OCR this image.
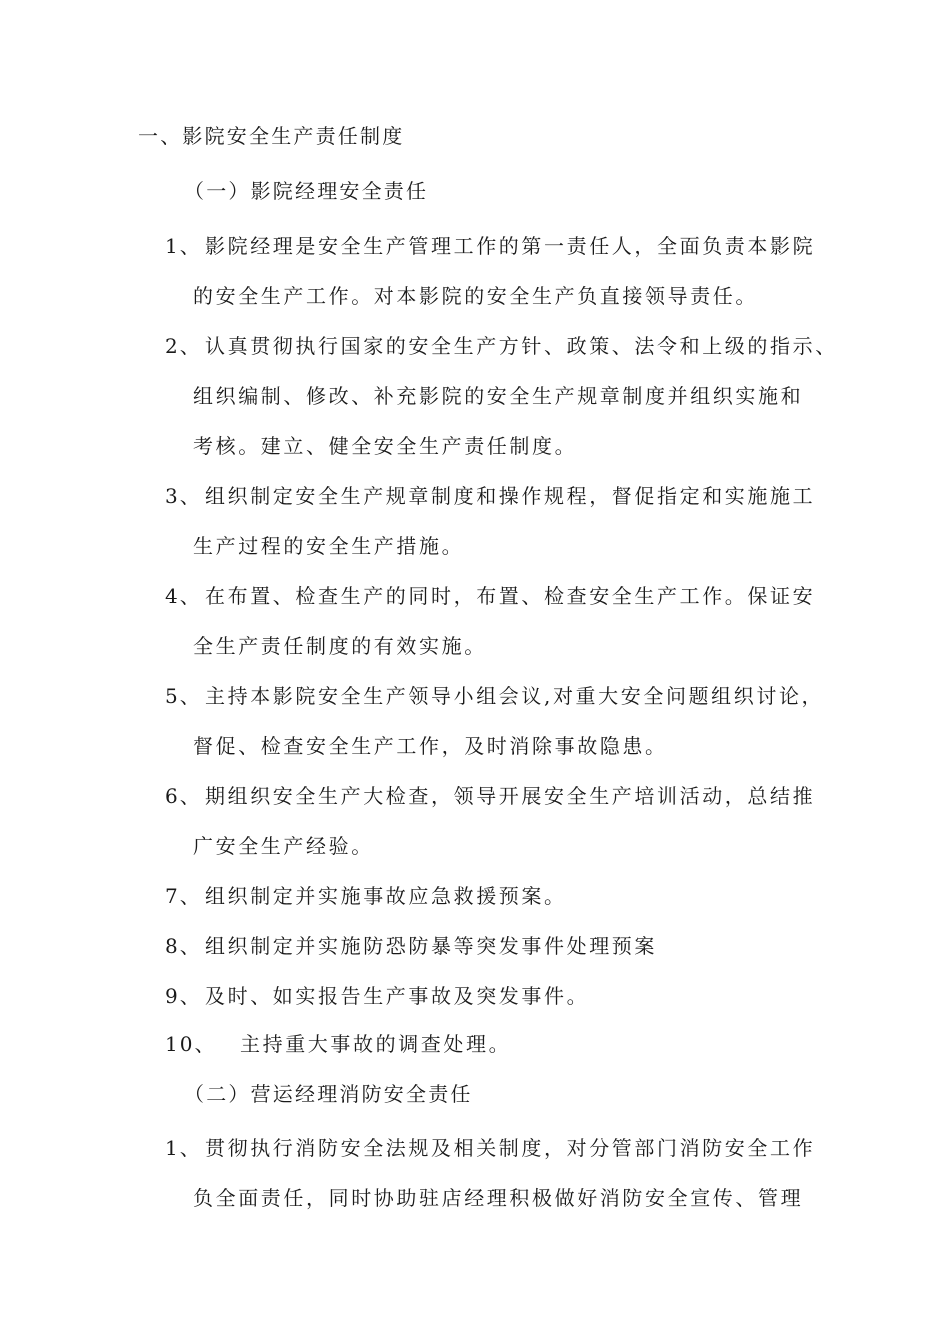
一、影院安全生产责任制度
（一）影院经理安全责任
1、 影院经理是安全生产管理工作的第一责任人，全面负责本影院
的安全生产工作。对本影院的安全生产负直接领导责任。
2、 认真贯彻执行国家的安全生产方针、政策、法令和上级的指示、
组织编制、修改、补充影院的安全生产规章制度并组织实施和
考核。建立、健全安全生产责任制度。
3、 组织制定安全生产规章制度和操作规程，督促指定和实施施工
生产过程的安全生产措施。
4、 在布置、检查生产的同时，布置、检查安全生产工作。保证安
全生产责任制度的有效实施。
5、 主持本影院安全生产领导小组会议,对重大安全问题组织讨论，
督促、检查安全生产工作，及时消除事故隐患。
6、 期组织安全生产大检查，领导开展安全生产培训活动，总结推
广安全生产经验。
7、 组织制定并实施事故应急救援预案。
8、 组织制定并实施防恐防暴等突发事件处理预案
9、 及时、如实报告生产事故及突发事件。
10、 主持重大事故的调查处理。
（二）营运经理消防安全责任
1、 贯彻执行消防安全法规及相关制度，对分管部门消防安全工作
负全面责任，同时协助驻店经理积极做好消防安全宣传、管理
